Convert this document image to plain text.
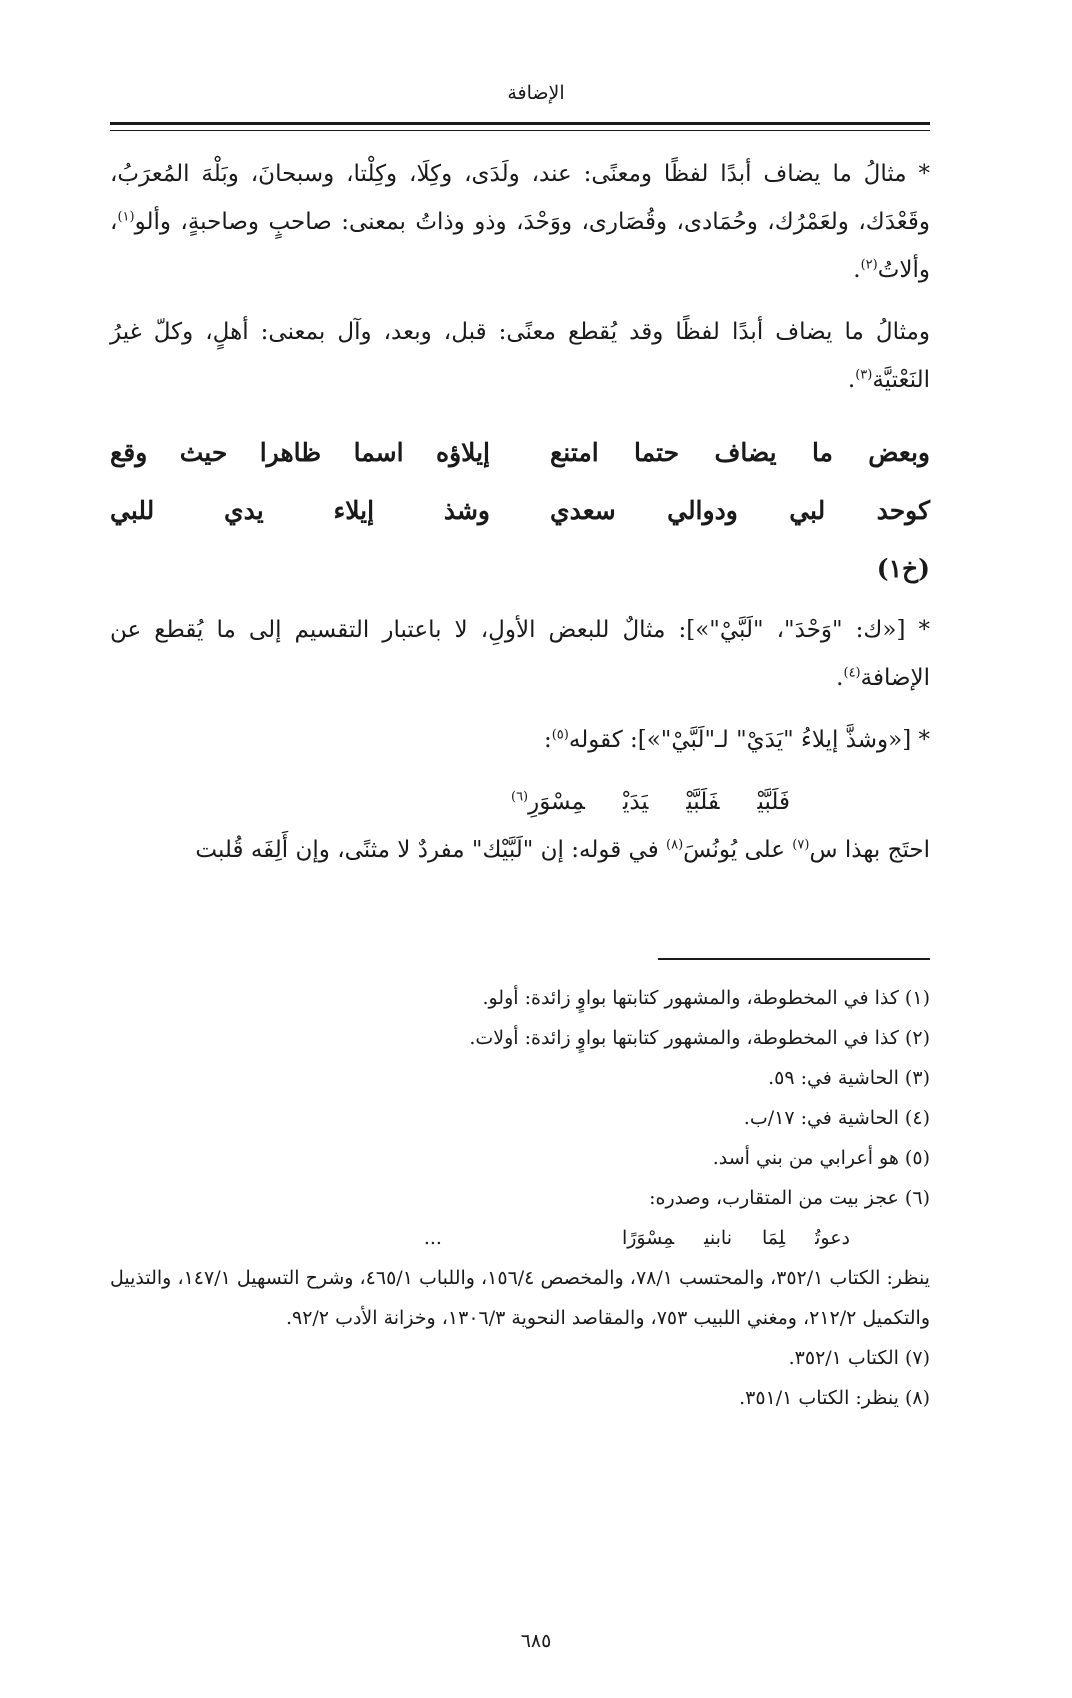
الإضافة

* مثالُ ما يضاف أبدًا لفظًا ومعنًى: عند، ولَدَى، وكِلَا، وكِلْتا، وسبحانَ، وبَلْهَ المُعرَبُ، وقَعْدَك، ولعَمْرُك، وحُمَادى، وقُصَارى، ووَحْدَ، وذو وذاتُ بمعنى: صاحبٍ وصاحبةٍ، وألو$^{(١)}$، وألاتُ$^{(٢)}$.

ومثالُ ما يضاف أبدًا لفظًا وقد يُقطع معنًى: قبل، وبعد، وآل بمعنى: أهلٍ، وكلّ غيرُ النَعْتيَّة$^{(٣)}$.

وبعض ما يضاف حتما امتنع
إيلاؤه اسما ظاهرا حيث وقع
كوحد لبي ودوالي سعدي
وشذ إيلاء يدي للبي
(خ١)

* [«ك: "وَحْدَ"، "لَبَّيْ"»]: مثالٌ للبعض الأولِ، لا باعتبار التقسيم إلى ما يُقطع عن الإضافة$^{(٤)}$.

* [«وشذَّ إيلاءُ "يَدَيْ" لـ"لَبَّيْ"»]: كقوله$^{(٥)}$:

فَلَبَّيْفَلَبَّيْيَدَيْمِسْوَرِ$^{(٦)}$

احتَج بهذا س$^{(٧)}$ على يُونُسَ$^{(٨)}$ في قوله: إن "لَبَّيْك" مفردٌ لا مثنًى، وإن أَلِفَه قُلبت

(١) كذا في المخطوطة، والمشهور كتابتها بواوٍ زائدة: أولو.

(٢) كذا في المخطوطة، والمشهور كتابتها بواوٍ زائدة: أولات.

(٣) الحاشية في: ٥٩.

(٤) الحاشية في: ١٧/ب.

(٥) هو أعرابي من بني أسد.

(٦) عجز بيت من المتقارب، وصدره:

دعوتُلِمَانابنيمِسْوَرًا...

ينظر: الكتاب ٣٥٢/١، والمحتسب ٧٨/١، والمخصص ١٥٦/٤، واللباب ٤٦٥/١، وشرح التسهيل ١٤٧/١، والتذييل والتكميل ٢١٢/٢، ومغني اللبيب ٧٥٣، والمقاصد النحوية ١٣٠٦/٣، وخزانة الأدب ٩٢/٢.

(٧) الكتاب ٣٥٢/١.

(٨) ينظر: الكتاب ٣٥١/١.

٦٨٥
